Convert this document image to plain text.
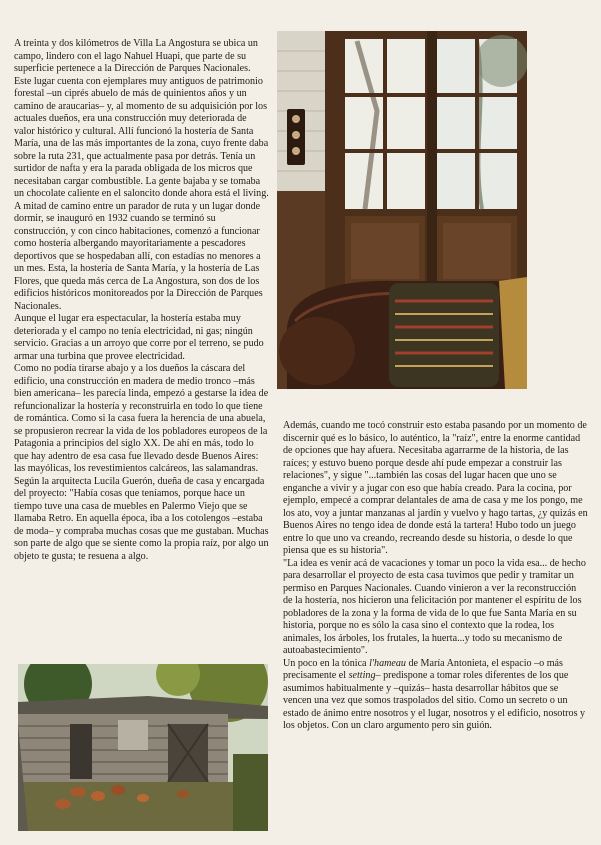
A treinta y dos kilómetros de Villa La Angostura se ubica un campo, lindero con el lago Nahuel Huapi, que parte de su superficie pertenece a la Dirección de Parques Nacionales. Este lugar cuenta con ejemplares muy antiguos de patrimonio forestal –un ciprés abuelo de más de quinientos años y un camino de araucarias– y, al momento de su adquisición por los actuales dueños, era una construcción muy deteriorada de valor histórico y cultural. Allí funcionó la hostería de Santa María, una de las más importantes de la zona, cuyo frente daba sobre la ruta 231, que actualmente pasa por detrás. Tenía un surtidor de nafta y era la parada obligada de los micros que necesitaban cargar combustible. La gente bajaba y se tomaba un chocolate caliente en el saloncito donde ahora está el living. A mitad de camino entre un parador de ruta y un lugar donde dormir, se inauguró en 1932 cuando se terminó su construcción, y con cinco habitaciones, comenzó a funcionar como hostería albergando mayoritariamente a pescadores deportivos que se hospedaban allí, con estadías no menores a un mes. Esta, la hostería de Santa María, y la hostería de Las Flores, que queda más cerca de La Angostura, son dos de los edificios históricos monitoreados por la Dirección de Parques Nacionales.

Aunque el lugar era espectacular, la hostería estaba muy deteriorada y el campo no tenía electricidad, ni gas; ningún servicio. Gracias a un arroyo que corre por el terreno, se pudo armar una turbina que provee electricidad.

Como no podía tirarse abajo y a los dueños la cáscara del edificio, una construcción en madera de medio tronco –más bien americana– les parecía linda, empezó a gestarse la idea de refuncionalizar la hostería y reconstruirla en todo lo que tiene de romántica. Como si la casa fuera la herencia de una abuela, se propusieron recrear la vida de los pobladores europeos de la Patagonia a principios del siglo XX. De ahí en más, todo lo que hay adentro de esa casa fue llevado desde Buenos Aires: las mayólicas, los revestimientos calcáreos, las salamandras.

Según la arquitecta Lucila Guerón, dueña de casa y encargada del proyecto: "Había cosas que teníamos, porque hace un tiempo tuve una casa de muebles en Palermo Viejo que se llamaba Retro. En aquella época, iba a los cotolengos –estaba de moda– y compraba muchas cosas que me gustaban. Muchas son parte de algo que se siente como la propia raíz, por algo un objeto te gusta; te resuena a algo.

Además, cuando me tocó construir esto estaba pasando por un momento de discernir qué es lo básico, lo auténtico, la "raíz", entre la enorme cantidad de opciones que hay afuera. Necesitaba agarrarme de la historia, de las raíces; y estuvo bueno porque desde ahí pude empezar a construir las relaciones", y sigue "...también las cosas del lugar hacen que uno se enganche a vivir y a jugar con eso que había creado. Para la cocina, por ejemplo, empecé a comprar delantales de ama de casa y me los pongo, me los ato, voy a juntar manzanas al jardín y vuelvo y hago tartas, ¿y quizás en Buenos Aires no tengo idea de donde está la tartera! Hubo todo un juego entre lo que uno va creando, recreando desde su historia, o desde lo que piensa que es su historia".

"La idea es venir acá de vacaciones y tomar un poco la vida esa... de hecho para desarrollar el proyecto de esta casa tuvimos que pedir y tramitar un permiso en Parques Nacionales. Cuando vinieron a ver la reconstrucción de la hostería, nos hicieron una felicitación por mantener el espíritu de los pobladores de la zona y la forma de vida de lo que fue Santa María en su historia, porque no es sólo la casa sino el contexto que la rodea, los animales, los árboles, los frutales, la huerta...y todo su mecanismo de autoabastecimiento".

Un poco en la tónica l'hameau de María Antonieta, el espacio –o más precisamente el setting– predispone a tomar roles diferentes de los que asumimos habitualmente y –quizás– hasta desarrollar hábitos que se vencen una vez que somos traspolados del sitio. Como un secreto o un estado de ánimo entre nosotros y el lugar, nosotros y el edificio, nosotros y los objetos. Con un claro argumento pero sin guión.
